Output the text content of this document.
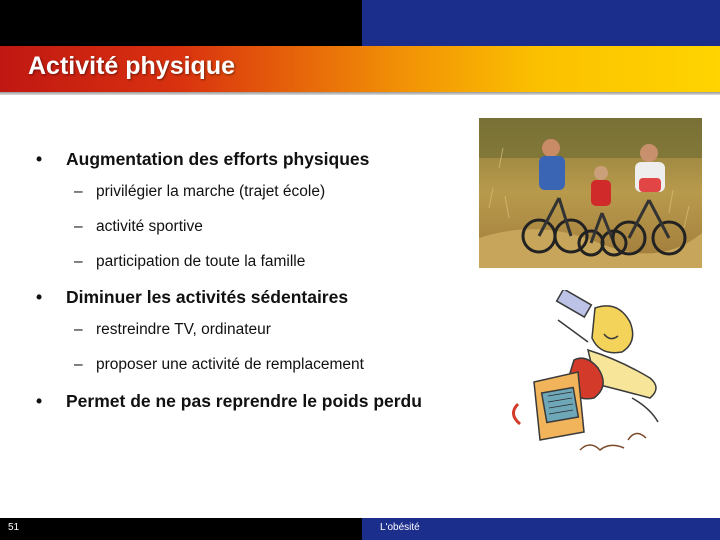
Activité physique
• Augmentation des efforts physiques
– privilégier la marche (trajet école)
– activité sportive
– participation de toute la famille
• Diminuer les activités sédentaires
– restreindre TV, ordinateur
– proposer une activité de remplacement
• Permet de ne pas reprendre le poids perdu
51	L'obésité
